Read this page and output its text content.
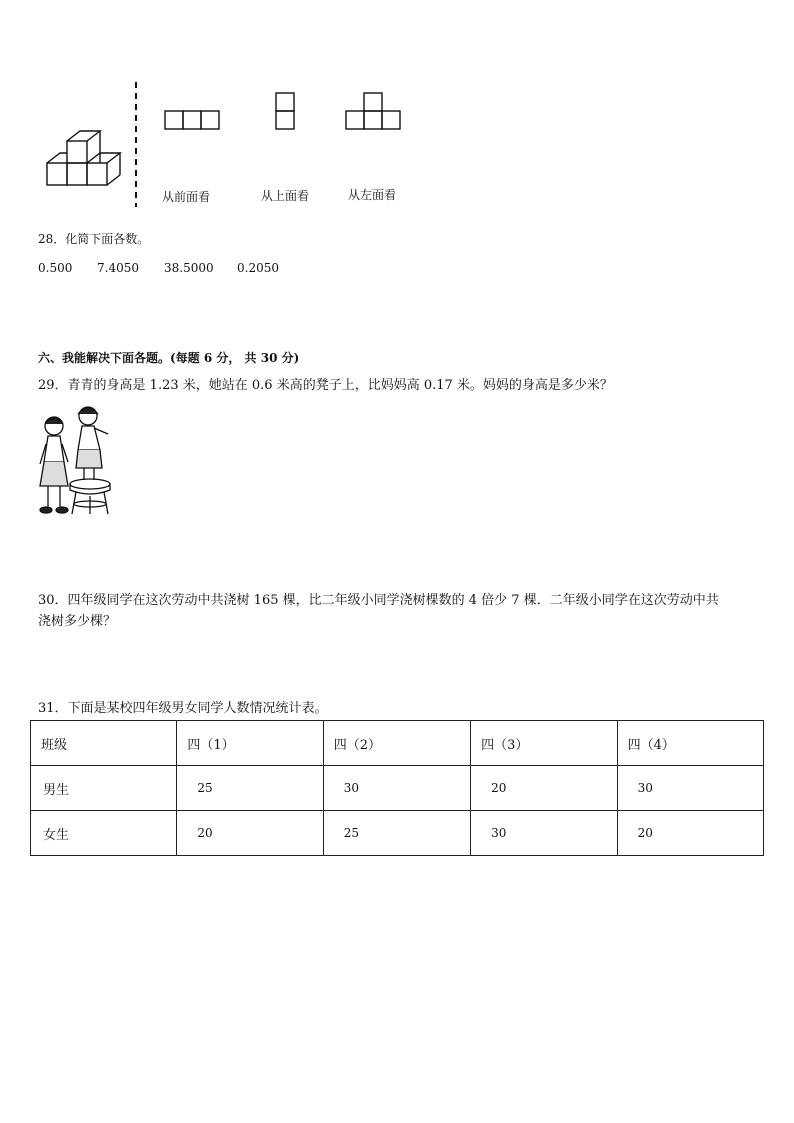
从前面看	从上面看	从左面看
28．化简下面各数。
0.500 7.4050 38.5000 0.2050
六、我能解决下面各题。(每题 6 分， 共 30 分)
29．青青的身高是 1.23 米，她站在 0.6 米高的凳子上，比妈妈高 0.17 米。妈妈的身高是多少米？
30．四年级同学在这次劳动中共浇树 165 棵，比二年级小同学浇树棵数的 4 倍少 7 棵．二年级小同学在这次劳动中共
浇树多少棵？
31．下面是某校四年级男女同学人数情况统计表。
班级	四（1）	四（2）	四（3）	四（4）
男生	25	30	20	30
女生	20	25	30	20
